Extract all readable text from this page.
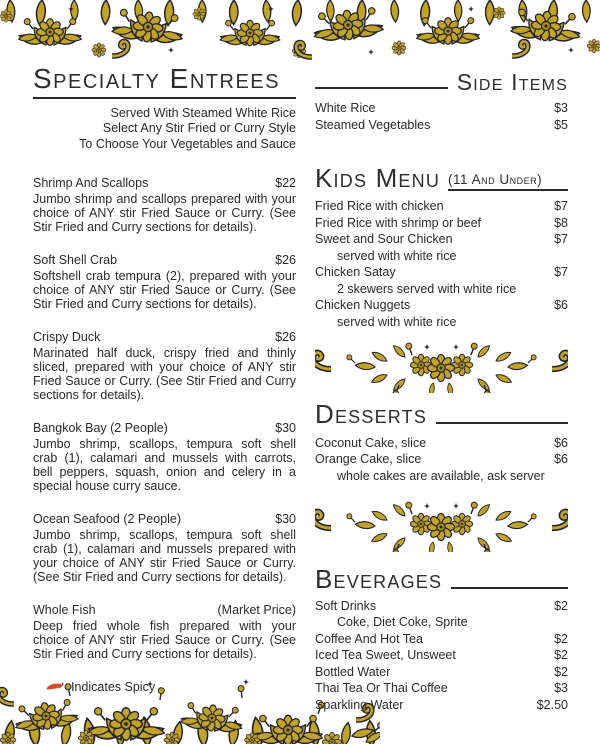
Specialty Entrees
Served With Steamed White Rice
Select Any Stir Fried or Curry Style
To Choose Your Vegetables and Sauce
Shrimp And Scallops	$22
Jumbo shrimp and scallops prepared with your choice of ANY stir Fried Sauce or Curry. (See Stir Fried and Curry sections for details).
Soft Shell Crab	$26
Softshell crab tempura (2), prepared with your choice of ANY stir Fried Sauce or Curry. (See Stir Fried and Curry sections for details).
Crispy Duck	$26
Marinated half duck, crispy fried and thinly sliced, prepared with your choice of ANY stir Fried Sauce or Curry. (See Stir Fried and Curry sections for details).
Bangkok Bay (2 People)	$30
Jumbo shrimp, scallops, tempura soft shell crab (1), calamari and mussels with carrots, bell peppers, squash, onion and celery in a special house curry sauce.
Ocean Seafood (2 People)	$30
Jumbo shrimp, scallops, tempura soft shell crab (1), calamari and mussels prepared with your choice of ANY stir Fried Sauce or Curry. (See Stir Fried and Curry sections for details).
Whole Fish	(Market Price)
Deep fried whole fish prepared with your choice of ANY stir Fried Sauce or Curry. (See Stir Fried and Curry sections for details).
Indicates Spicy
Side Items
White Rice	$3
Steamed Vegetables	$5
Kids Menu (11 And Under)
Fried Rice with chicken	$7
Fried Rice with shrimp or beef	$8
Sweet and Sour Chicken	$7
served with white rice
Chicken Satay	$7
2 skewers served with white rice
Chicken Nuggets	$6
served with white rice
Desserts
Coconut Cake, slice	$6
Orange Cake, slice	$6
whole cakes are available, ask server
Beverages
Soft Drinks	$2
Coke, Diet Coke, Sprite
Coffee And Hot Tea	$2
Iced Tea Sweet, Unsweet	$2
Bottled Water	$2
Thai Tea Or Thai Coffee	$3
Sparkling Water	$2.50
